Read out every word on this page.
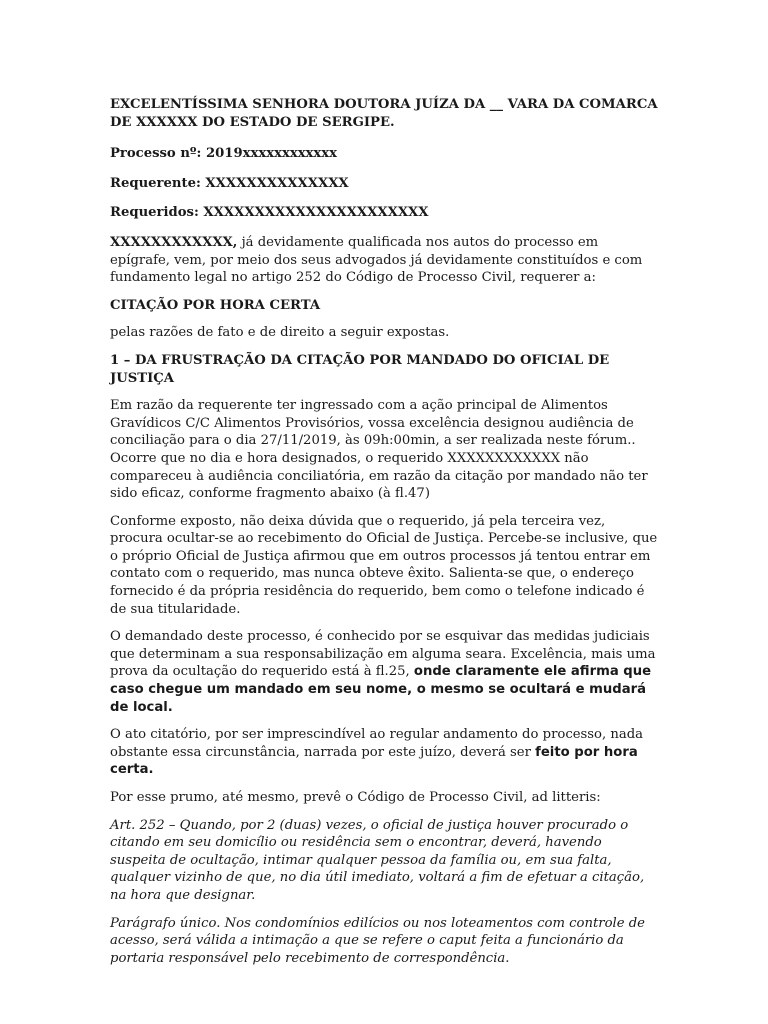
EXCELENTÍSSIMA SENHORA DOUTORA JUÍZA DA __ VARA DA COMARCA DE XXXXXX DO ESTADO DE SERGIPE.

Processo nº: 2019xxxxxxxxxxxx

Requerente: XXXXXXXXXXXXXX

Requeridos: XXXXXXXXXXXXXXXXXXXXXX

XXXXXXXXXXXX, já devidamente qualificada nos autos do processo em epígrafe, vem, por meio dos seus advogados já devidamente constituídos e com fundamento legal no artigo 252 do Código de Processo Civil, requerer a:

CITAÇÃO POR HORA CERTA

pelas razões de fato e de direito a seguir expostas.

1 – DA FRUSTRAÇÃO DA CITAÇÃO POR MANDADO DO OFICIAL DE JUSTIÇA

Em razão da requerente ter ingressado com a ação principal de Alimentos Gravídicos C/C Alimentos Provisórios, vossa excelência designou audiência de conciliação para o dia 27/11/2019, às 09h:00min, a ser realizada neste fórum.. Ocorre que no dia e hora designados, o requerido XXXXXXXXXXXX não compareceu à audiência conciliatória, em razão da citação por mandado não ter sido eficaz, conforme fragmento abaixo (à fl.47)

Conforme exposto, não deixa dúvida que o requerido, já pela terceira vez, procura ocultar-se ao recebimento do Oficial de Justiça. Percebe-se inclusive, que o próprio Oficial de Justiça afirmou que em outros processos já tentou entrar em contato com o requerido, mas nunca obteve êxito. Salienta-se que, o endereço fornecido é da própria residência do requerido, bem como o telefone indicado é de sua titularidade.

O demandado deste processo, é conhecido por se esquivar das medidas judiciais que determinam a sua responsabilização em alguma seara. Excelência, mais uma prova da ocultação do requerido está à fl.25, onde claramente ele afirma que caso chegue um mandado em seu nome, o mesmo se ocultará e mudará de local.

O ato citatório, por ser imprescindível ao regular andamento do processo, nada obstante essa circunstância, narrada por este juízo, deverá ser feito por hora certa.

Por esse prumo, até mesmo, prevê o Código de Processo Civil, ad litteris:

Art. 252 – Quando, por 2 (duas) vezes, o oficial de justiça houver procurado o citando em seu domicílio ou residência sem o encontrar, deverá, havendo suspeita de ocultação, intimar qualquer pessoa da família ou, em sua falta, qualquer vizinho de que, no dia útil imediato, voltará a fim de efetuar a citação, na hora que designar.

Parágrafo único. Nos condomínios edilícios ou nos loteamentos com controle de acesso, será válida a intimação a que se refere o caput feita a funcionário da portaria responsável pelo recebimento de correspondência.
